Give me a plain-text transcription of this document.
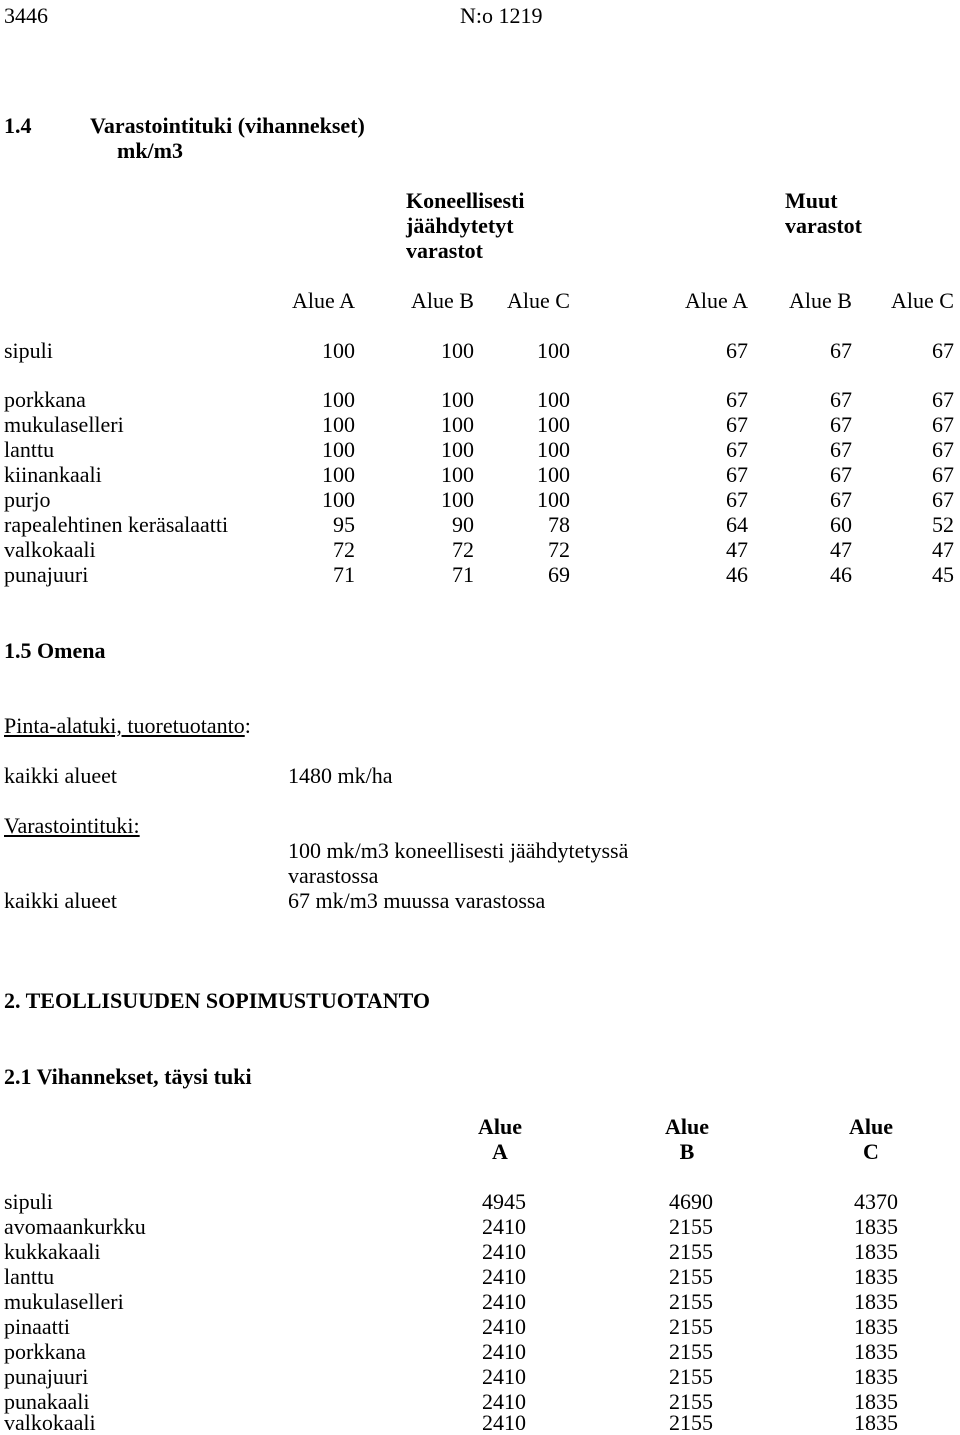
3446	N:o 1219
1.4	Varastointituki (vihannekset)
mk/m3
Koneellisesti
jäähdytetyt
varastot
Muut
varastot
Alue A	Alue B Alue C	Alue A Alue B Alue C
sipuli	100	100	100	67	67	67
porkkana	100	100	100	67	67	67
mukulaselleri	100	100	100	67	67	67
lanttu	100	100	100	67	67	67
kiinankaali	100	100	100	67	67	67
purjo	100	100	100	67	67	67
rapealehtinen keräsalaatti	95	90	78	64	60	52
valkokaali	72	72	72	47	47	47
punajuuri	71	71	69	46	46	45
1.5 Omena
Pinta-alatuki, tuoretuotanto:
kaikki alueet	1480 mk/ha
Varastointituki:
100 mk/m3 koneellisesti jäähdytetyssä
varastossa
kaikki alueet	67 mk/m3 muussa varastossa
2. TEOLLISUUDEN SOPIMUSTUOTANTO
2.1 Vihannekset, täysi tuki
Alue
A
Alue
B
Alue
C
sipuli	4945	4690	4370
avomaankurkku	2410	2155	1835
kukkakaali	2410	2155	1835
lanttu	2410	2155	1835
mukulaselleri	2410	2155	1835
pinaatti	2410	2155	1835
porkkana	2410	2155	1835
punajuuri	2410	2155	1835
punakaali	2410	2155	1835
valkokaali	2410	2155	1835
